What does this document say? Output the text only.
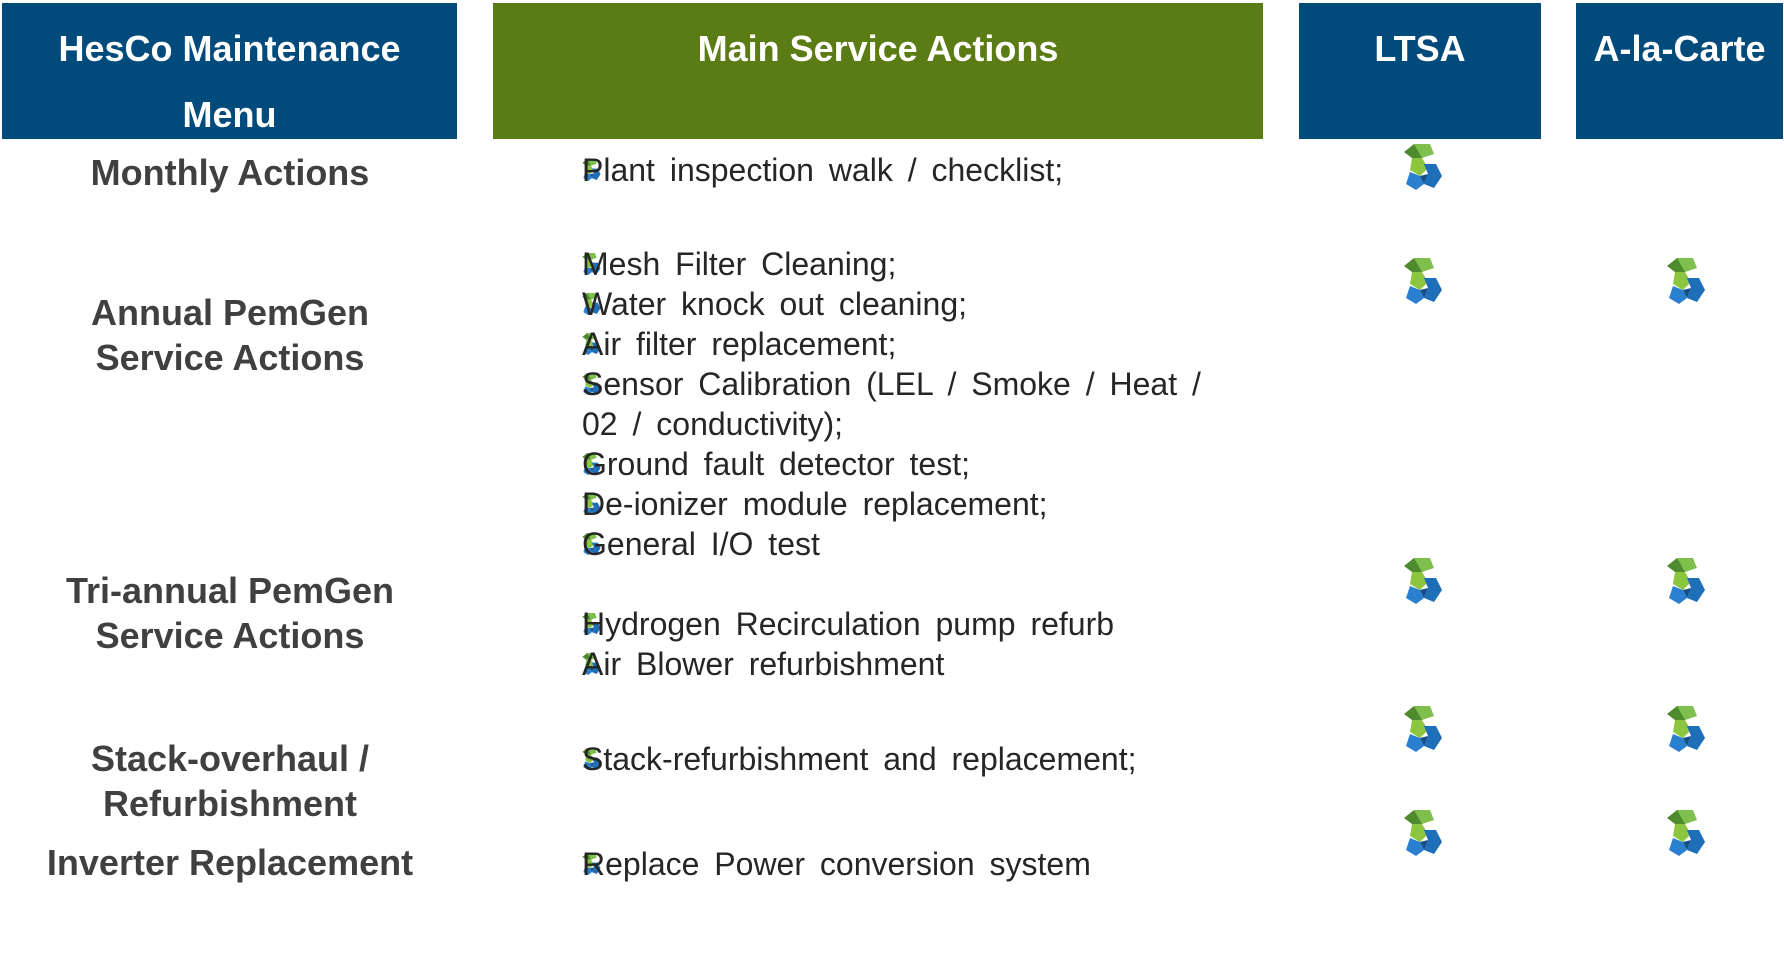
HesCo Maintenance
Menu
Main Service Actions	LTSA	A-la-Carte
Monthly Actions
Annual PemGen
Service Actions
Tri-annual PemGen
Service Actions
Stack-overhaul /
Refurbishment
Inverter Replacement
Plant inspection walk / checklist;
Mesh Filter Cleaning;
Water knock out cleaning;
Air filter replacement;
Sensor Calibration (LEL / Smoke / Heat /
02 / conductivity);
Ground fault detector test;
De-ionizer module replacement;
General I/O test
Hydrogen Recirculation pump refurb
Air Blower refurbishment
Stack-refurbishment and replacement;
Replace Power conversion system
